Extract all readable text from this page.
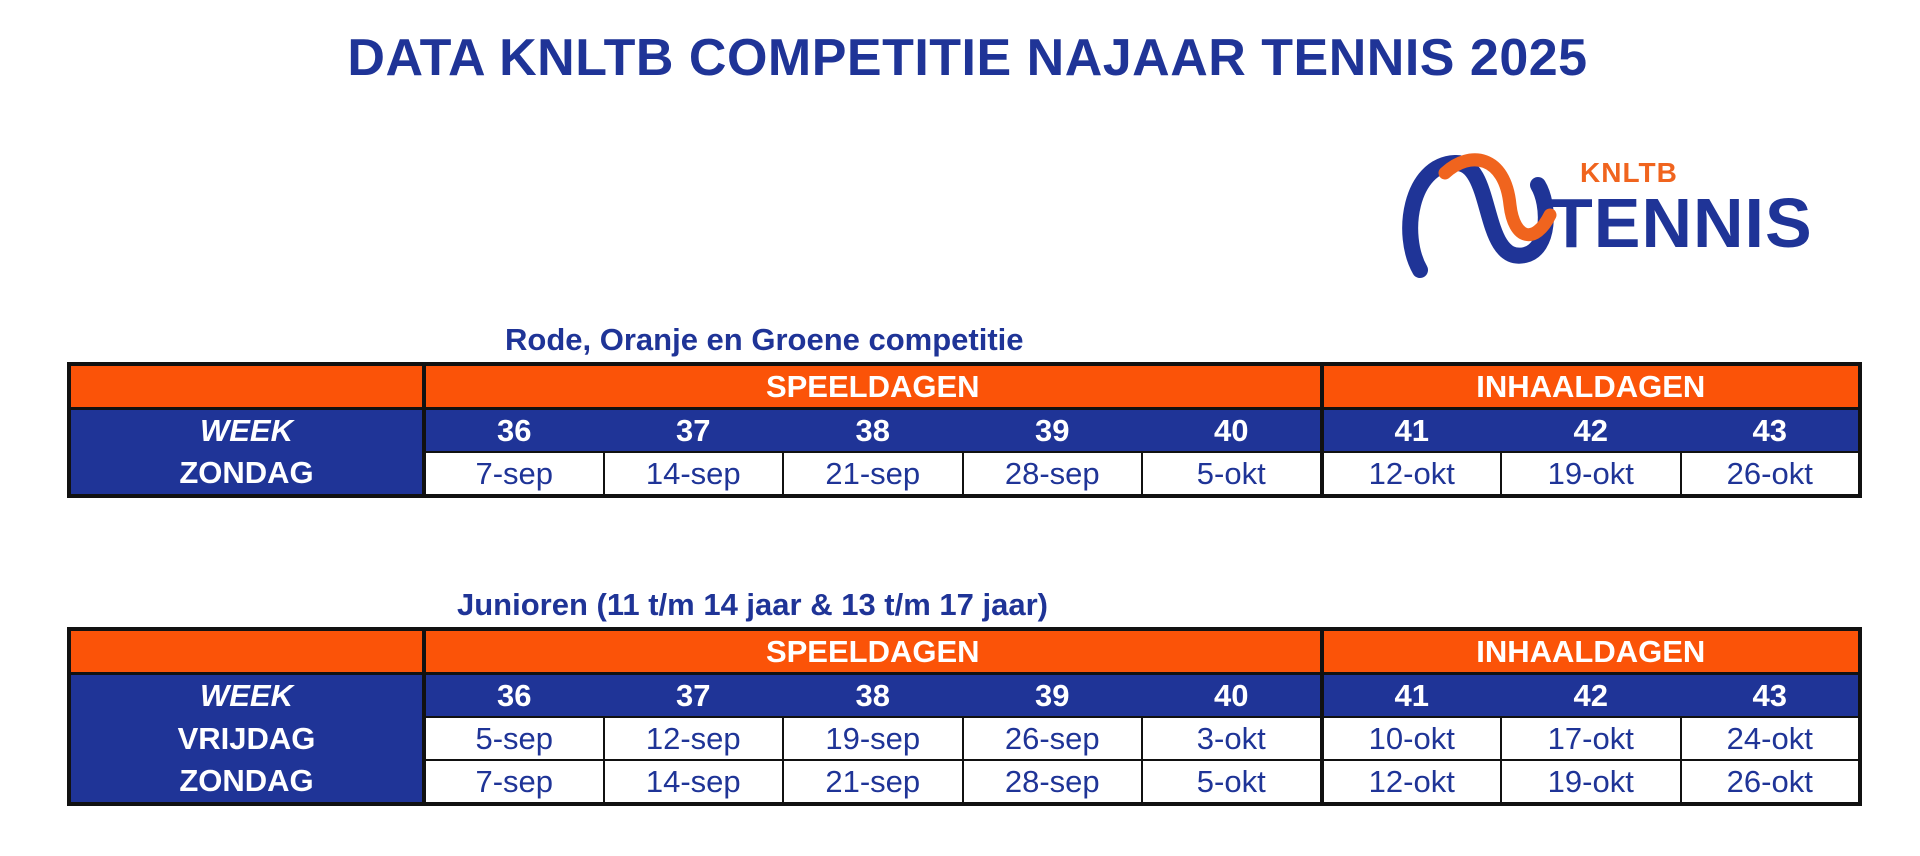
DATA KNLTB COMPETITIE NAJAAR TENNIS 2025
KNLTB
TENNIS
Rode, Oranje en Groene competitie
	SPEELDAGEN					INHAALDAGEN		
WEEK	36	37	38	39	40	41	42	43
ZONDAG	7-sep	14-sep	21-sep	28-sep	5-okt	12-okt	19-okt	26-okt
Junioren (11 t/m 14 jaar & 13 t/m 17 jaar)
	SPEELDAGEN					INHAALDAGEN		
WEEK	36	37	38	39	40	41	42	43
VRIJDAG	5-sep	12-sep	19-sep	26-sep	3-okt	10-okt	17-okt	24-okt
ZONDAG	7-sep	14-sep	21-sep	28-sep	5-okt	12-okt	19-okt	26-okt
